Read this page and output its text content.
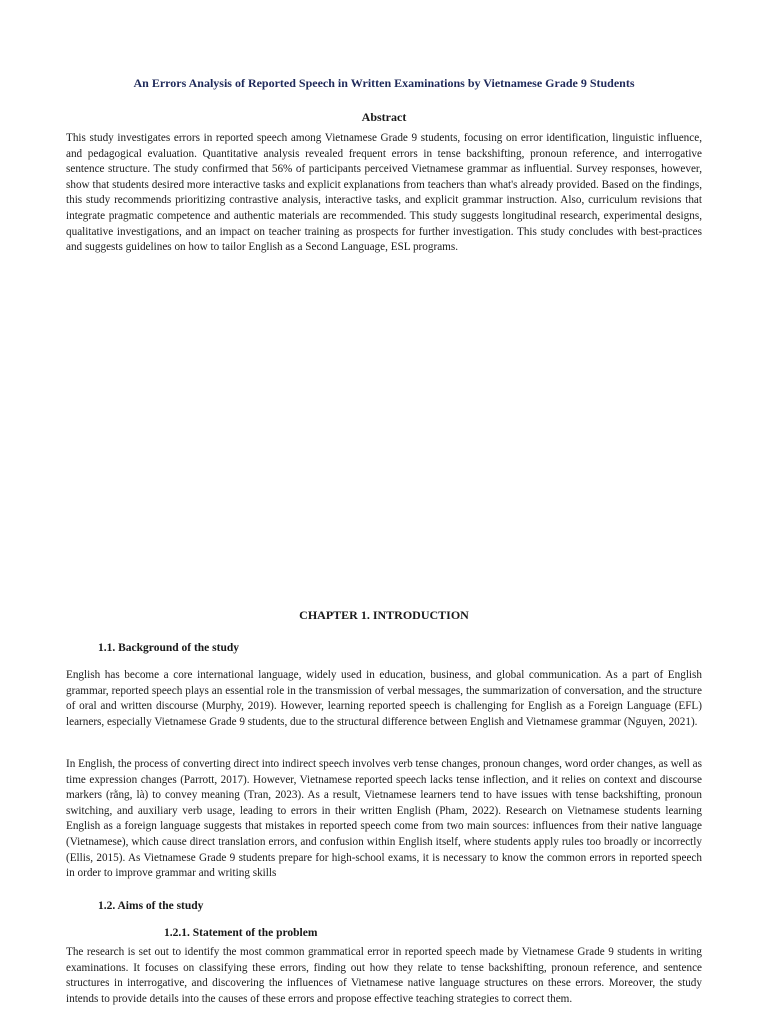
An Errors Analysis of Reported Speech in Written Examinations by Vietnamese Grade 9 Students
Abstract

This study investigates errors in reported speech among Vietnamese Grade 9 students, focusing on error identification, linguistic influence, and pedagogical evaluation. Quantitative analysis revealed frequent errors in tense backshifting, pronoun reference, and interrogative sentence structure. The study confirmed that 56% of participants perceived Vietnamese grammar as influential. Survey responses, however, show that students desired more interactive tasks and explicit explanations from teachers than what's already provided. Based on the findings, this study recommends prioritizing contrastive analysis, interactive tasks, and explicit grammar instruction. Also, curriculum revisions that integrate pragmatic competence and authentic materials are recommended. This study suggests longitudinal research, experimental designs, qualitative investigations, and an impact on teacher training as prospects for further investigation. This study concludes with best-practices and suggests guidelines on how to tailor English as a Second Language, ESL programs.

CHAPTER 1. INTRODUCTION
1.1. Background of the study

English has become a core international language, widely used in education, business, and global communication. As a part of English grammar, reported speech plays an essential role in the transmission of verbal messages, the summarization of conversation, and the structure of oral and written discourse (Murphy, 2019). However, learning reported speech is challenging for English as a Foreign Language (EFL) learners, especially Vietnamese Grade 9 students, due to the structural difference between English and Vietnamese grammar (Nguyen, 2021).

In English, the process of converting direct into indirect speech involves verb tense changes, pronoun changes, word order changes, as well as time expression changes (Parrott, 2017). However, Vietnamese reported speech lacks tense inflection, and it relies on context and discourse markers (rằng, là) to convey meaning (Tran, 2023). As a result, Vietnamese learners tend to have issues with tense backshifting, pronoun switching, and auxiliary verb usage, leading to errors in their written English (Pham, 2022). Research on Vietnamese students learning English as a foreign language suggests that mistakes in reported speech come from two main sources: influences from their native language (Vietnamese), which cause direct translation errors, and confusion within English itself, where students apply rules too broadly or incorrectly (Ellis, 2015). As Vietnamese Grade 9 students prepare for high-school exams, it is necessary to know the common errors in reported speech in order to improve grammar and writing skills

1.2. Aims of the study
1.2.1. Statement of the problem

The research is set out to identify the most common grammatical error in reported speech made by Vietnamese Grade 9 students in writing examinations. It focuses on classifying these errors, finding out how they relate to tense backshifting, pronoun reference, and sentence structures in interrogative, and discovering the influences of Vietnamese native language structures on these errors. Moreover, the study intends to provide details into the causes of these errors and propose effective teaching strategies to correct them.
